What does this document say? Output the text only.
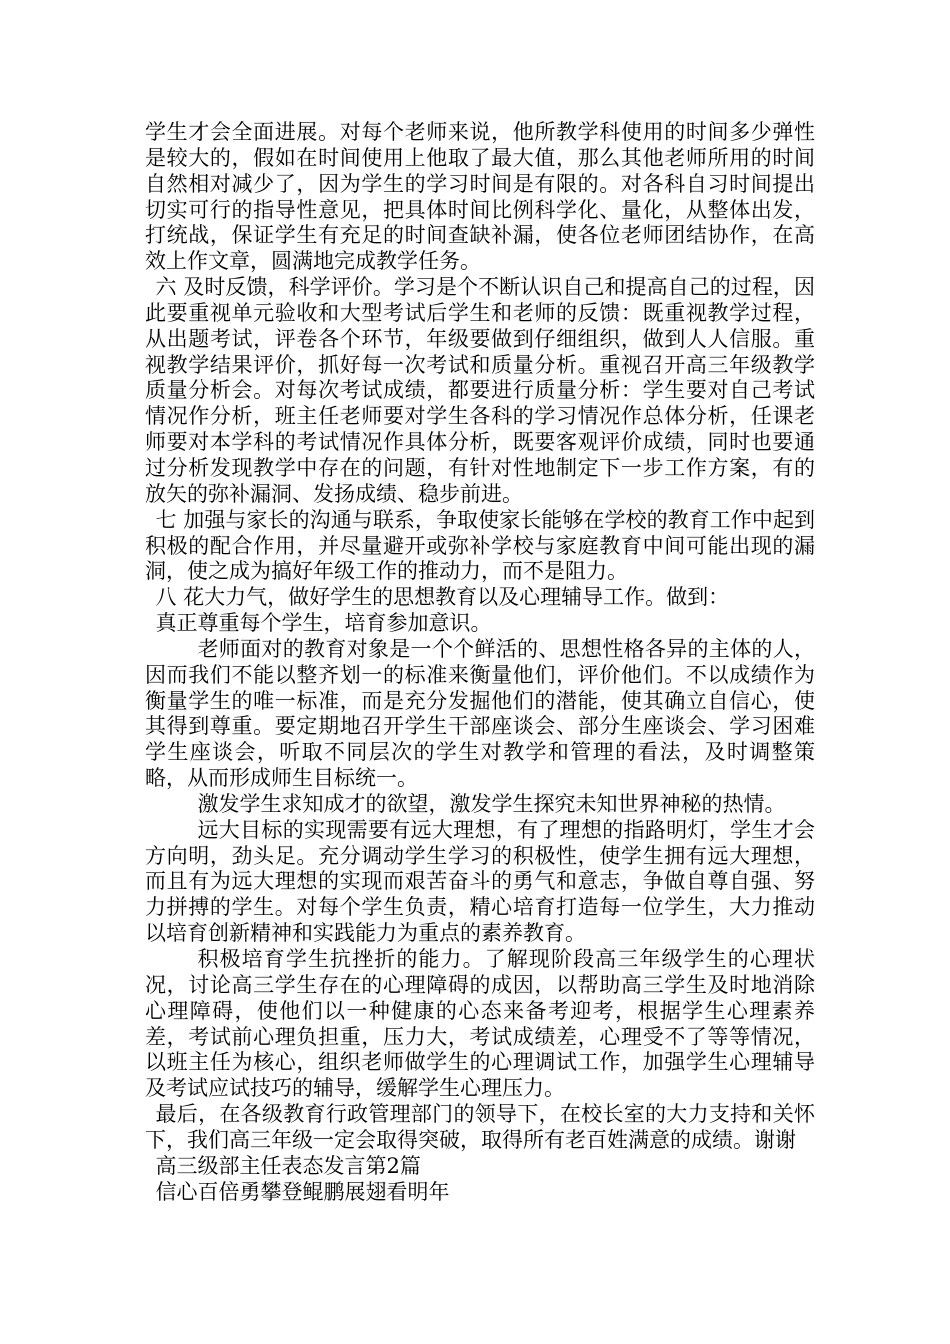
学生才会全面进展。对每个老师来说，他所教学科使用的时间多少弹性是较大的，假如在时间使用上他取了最大值，那么其他老师所用的时间自然相对减少了，因为学生的学习时间是有限的。对各科自习时间提出切实可行的指导性意见，把具体时间比例科学化、量化，从整体出发，打统战，保证学生有充足的时间查缺补漏，使各位老师团结协作，在高效上作文章，圆满地完成教学任务。

六 及时反馈，科学评价。学习是个不断认识自己和提高自己的过程，因此要重视单元验收和大型考试后学生和老师的反馈：既重视教学过程，从出题考试，评卷各个环节，年级要做到仔细组织，做到人人信服。重视教学结果评价，抓好每一次考试和质量分析。重视召开高三年级教学质量分析会。对每次考试成绩，都要进行质量分析：学生要对自己考试情况作分析，班主任老师要对学生各科的学习情况作总体分析，任课老师要对本学科的考试情况作具体分析，既要客观评价成绩，同时也要通过分析发现教学中存在的问题，有针对性地制定下一步工作方案，有的放矢的弥补漏洞、发扬成绩、稳步前进。

七 加强与家长的沟通与联系，争取使家长能够在学校的教育工作中起到积极的配合作用，并尽量避开或弥补学校与家庭教育中间可能出现的漏洞，使之成为搞好年级工作的推动力，而不是阻力。

八 花大力气，做好学生的思想教育以及心理辅导工作。做到：

真正尊重每个学生，培育参加意识。

老师面对的教育对象是一个个鲜活的、思想性格各异的主体的人，因而我们不能以整齐划一的标准来衡量他们，评价他们。不以成绩作为衡量学生的唯一标准，而是充分发掘他们的潜能，使其确立自信心，使其得到尊重。要定期地召开学生干部座谈会、部分生座谈会、学习困难学生座谈会，听取不同层次的学生对教学和管理的看法，及时调整策略，从而形成师生目标统一。

激发学生求知成才的欲望，激发学生探究未知世界神秘的热情。

远大目标的实现需要有远大理想，有了理想的指路明灯，学生才会方向明，劲头足。充分调动学生学习的积极性，使学生拥有远大理想，而且有为远大理想的实现而艰苦奋斗的勇气和意志，争做自尊自强、努力拼搏的学生。对每个学生负责，精心培育打造每一位学生，大力推动以培育创新精神和实践能力为重点的素养教育。

积极培育学生抗挫折的能力。了解现阶段高三年级学生的心理状况，讨论高三学生存在的心理障碍的成因，以帮助高三学生及时地消除心理障碍，使他们以一种健康的心态来备考迎考，根据学生心理素养差，考试前心理负担重，压力大，考试成绩差，心理受不了等等情况，以班主任为核心，组织老师做学生的心理调试工作，加强学生心理辅导及考试应试技巧的辅导，缓解学生心理压力。

最后，在各级教育行政管理部门的领导下，在校长室的大力支持和关怀下，我们高三年级一定会取得突破，取得所有老百姓满意的成绩。谢谢

高三级部主任表态发言第2篇

信心百倍勇攀登鲲鹏展翅看明年
